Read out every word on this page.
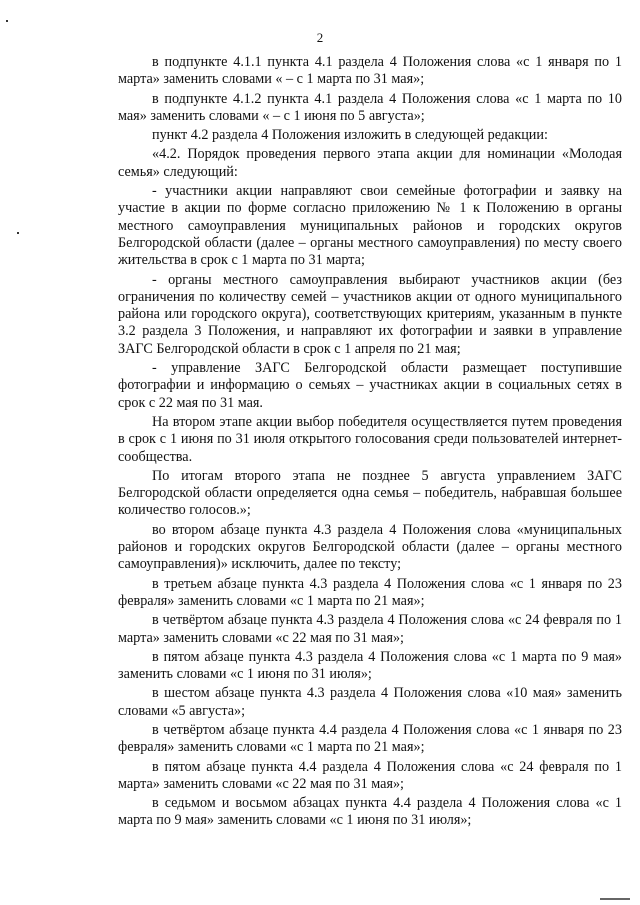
2

в подпункте 4.1.1 пункта 4.1 раздела 4 Положения слова «с 1 января по 1 марта» заменить словами « – с 1 марта по 31 мая»;

в подпункте 4.1.2 пункта 4.1 раздела 4 Положения слова «с 1 марта по 10 мая» заменить словами « – с 1 июня по 5 августа»;

пункт 4.2 раздела 4 Положения изложить в следующей редакции:

«4.2. Порядок проведения первого этапа акции для номинации «Молодая семья» следующий:

- участники акции направляют свои семейные фотографии и заявку на участие в акции по форме согласно приложению № 1 к Положению в органы местного самоуправления муниципальных районов и городских округов Белгородской области (далее – органы местного самоуправления) по месту своего жительства в срок с 1 марта по 31 марта;

- органы местного самоуправления выбирают участников акции (без ограничения по количеству семей – участников акции от одного муниципального района или городского округа), соответствующих критериям, указанным в пункте 3.2 раздела 3 Положения, и направляют их фотографии и заявки в управление ЗАГС Белгородской области в срок с 1 апреля по 21 мая;

- управление ЗАГС Белгородской области размещает поступившие фотографии и информацию о семьях – участниках акции в социальных сетях в срок с 22 мая по 31 мая.

На втором этапе акции выбор победителя осуществляется путем проведения в срок с 1 июня по 31 июля открытого голосования среди пользователей интернет-сообщества.

По итогам второго этапа не позднее 5 августа управлением ЗАГС Белгородской области определяется одна семья – победитель, набравшая большее количество голосов.»;

во втором абзаце пункта 4.3 раздела 4 Положения слова «муниципальных районов и городских округов Белгородской области (далее – органы местного самоуправления)» исключить, далее по тексту;

в третьем абзаце пункта 4.3 раздела 4 Положения слова «с 1 января по 23 февраля» заменить словами «с 1 марта по 21 мая»;

в четвёртом абзаце пункта 4.3 раздела 4 Положения слова «с 24 февраля по 1 марта» заменить словами «с 22 мая по 31 мая»;

в пятом абзаце пункта 4.3 раздела 4 Положения слова «с 1 марта по 9 мая» заменить словами «с 1 июня по 31 июля»;

в шестом абзаце пункта 4.3 раздела 4 Положения слова «10 мая» заменить словами «5 августа»;

в четвёртом абзаце пункта 4.4 раздела 4 Положения слова «с 1 января по 23 февраля» заменить словами «с 1 марта по 21 мая»;

в пятом абзаце пункта 4.4 раздела 4 Положения слова «с 24 февраля по 1 марта» заменить словами «с 22 мая по 31 мая»;

в седьмом и восьмом абзацах пункта 4.4 раздела 4 Положения слова «с 1 марта по 9 мая» заменить словами «с 1 июня по 31 июля»;
